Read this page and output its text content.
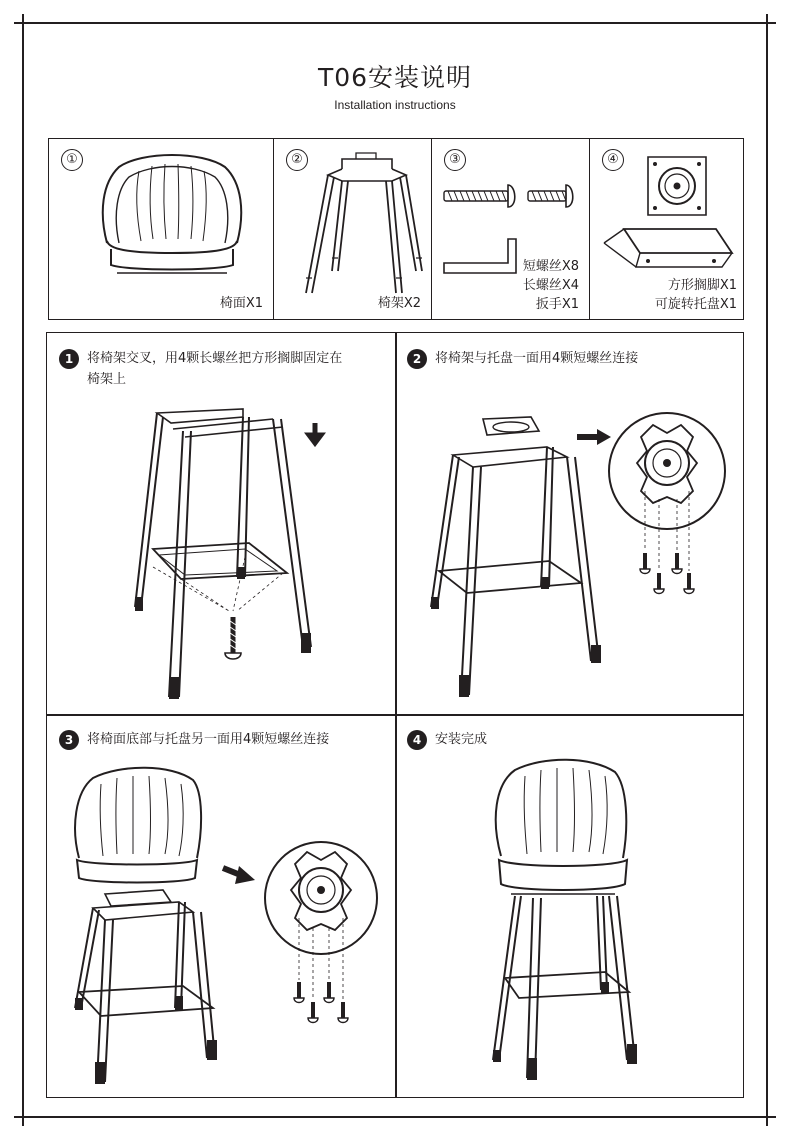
T06安装说明
Installation instructions
①
椅面X1
②
椅架X2
③
短螺丝X8
长螺丝X4
扳手X1
④
方形搁脚X1
可旋转托盘X1
1	将椅架交叉，用4颗长螺丝把方形搁脚固定在
椅架上
2	将椅架与托盘一面用4颗短螺丝连接
3	将椅面底部与托盘另一面用4颗短螺丝连接	4	安装完成
